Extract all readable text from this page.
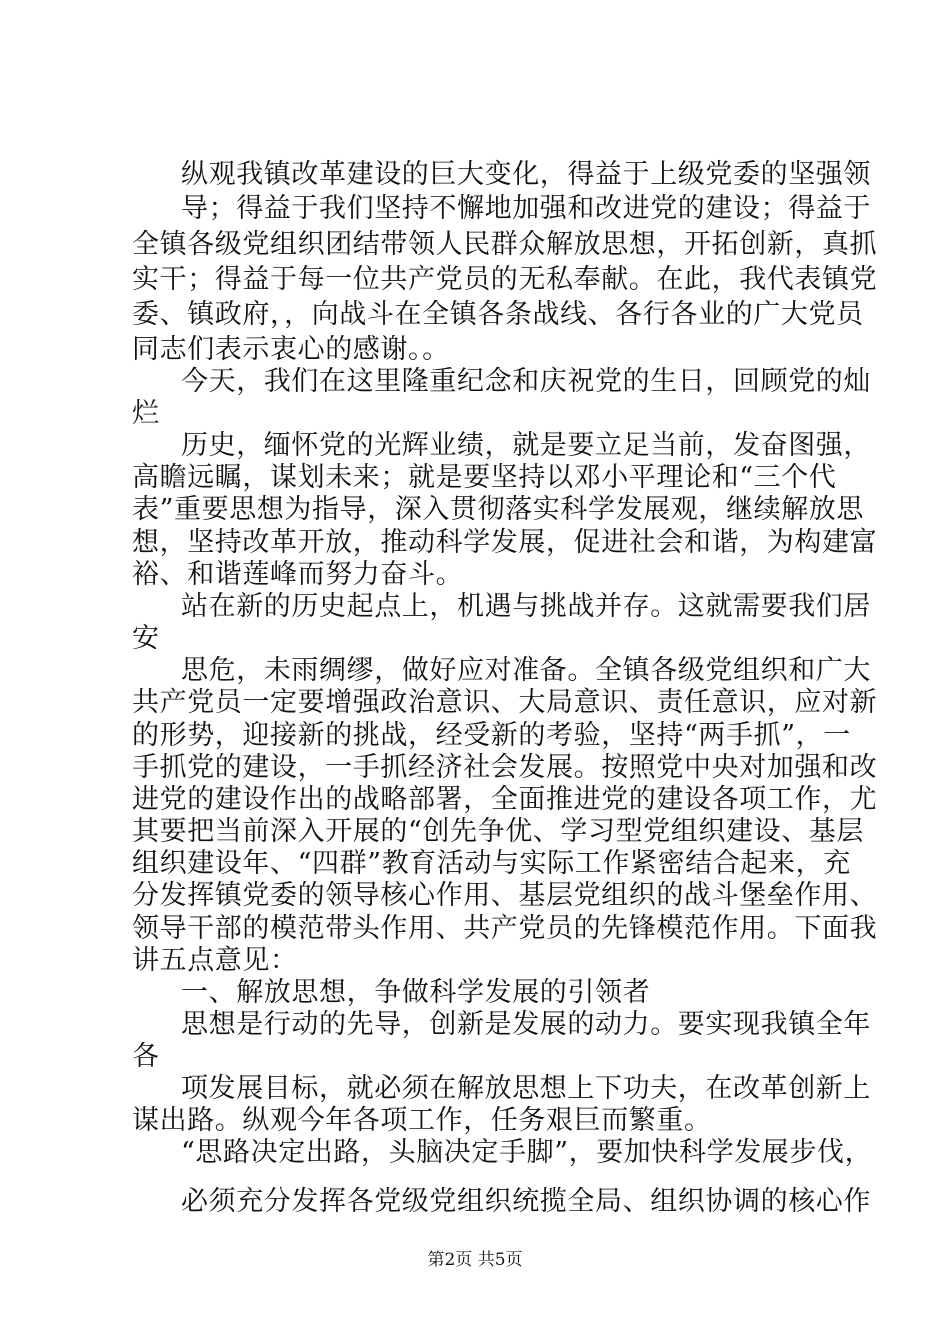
纵观我镇改革建设的巨大变化，得益于上级党委的坚强领
导；得益于我们坚持不懈地加强和改进党的建设；得益于
全镇各级党组织团结带领人民群众解放思想，开拓创新，真抓
实干；得益于每一位共产党员的无私奉献。在此，我代表镇党
委、镇政府，，向战斗在全镇各条战线、各行各业的广大党员
同志们表示衷心的感谢。。
今天，我们在这里隆重纪念和庆祝党的生日，回顾党的灿
烂
历史，缅怀党的光辉业绩，就是要立足当前，发奋图强，
高瞻远瞩，谋划未来；就是要坚持以邓小平理论和“三个代
表”重要思想为指导，深入贯彻落实科学发展观，继续解放思
想，坚持改革开放，推动科学发展，促进社会和谐，为构建富
裕、和谐莲峰而努力奋斗。
站在新的历史起点上，机遇与挑战并存。这就需要我们居
安
思危，未雨绸缪，做好应对准备。全镇各级党组织和广大
共产党员一定要增强政治意识、大局意识、责任意识，应对新
的形势，迎接新的挑战，经受新的考验，坚持“两手抓”，一
手抓党的建设，一手抓经济社会发展。按照党中央对加强和改
进党的建设作出的战略部署，全面推进党的建设各项工作，尤
其要把当前深入开展的“创先争优、学习型党组织建设、基层
组织建设年、“四群”教育活动与实际工作紧密结合起来，充
分发挥镇党委的领导核心作用、基层党组织的战斗堡垒作用、
领导干部的模范带头作用、共产党员的先锋模范作用。下面我
讲五点意见：
一、解放思想，争做科学发展的引领者
思想是行动的先导，创新是发展的动力。要实现我镇全年
各
项发展目标，就必须在解放思想上下功夫，在改革创新上
谋出路。纵观今年各项工作，任务艰巨而繁重。
“思路决定出路，头脑决定手脚”，要加快科学发展步伐，
必须充分发挥各党级党组织统揽全局、组织协调的核心作
第2页 共5页
